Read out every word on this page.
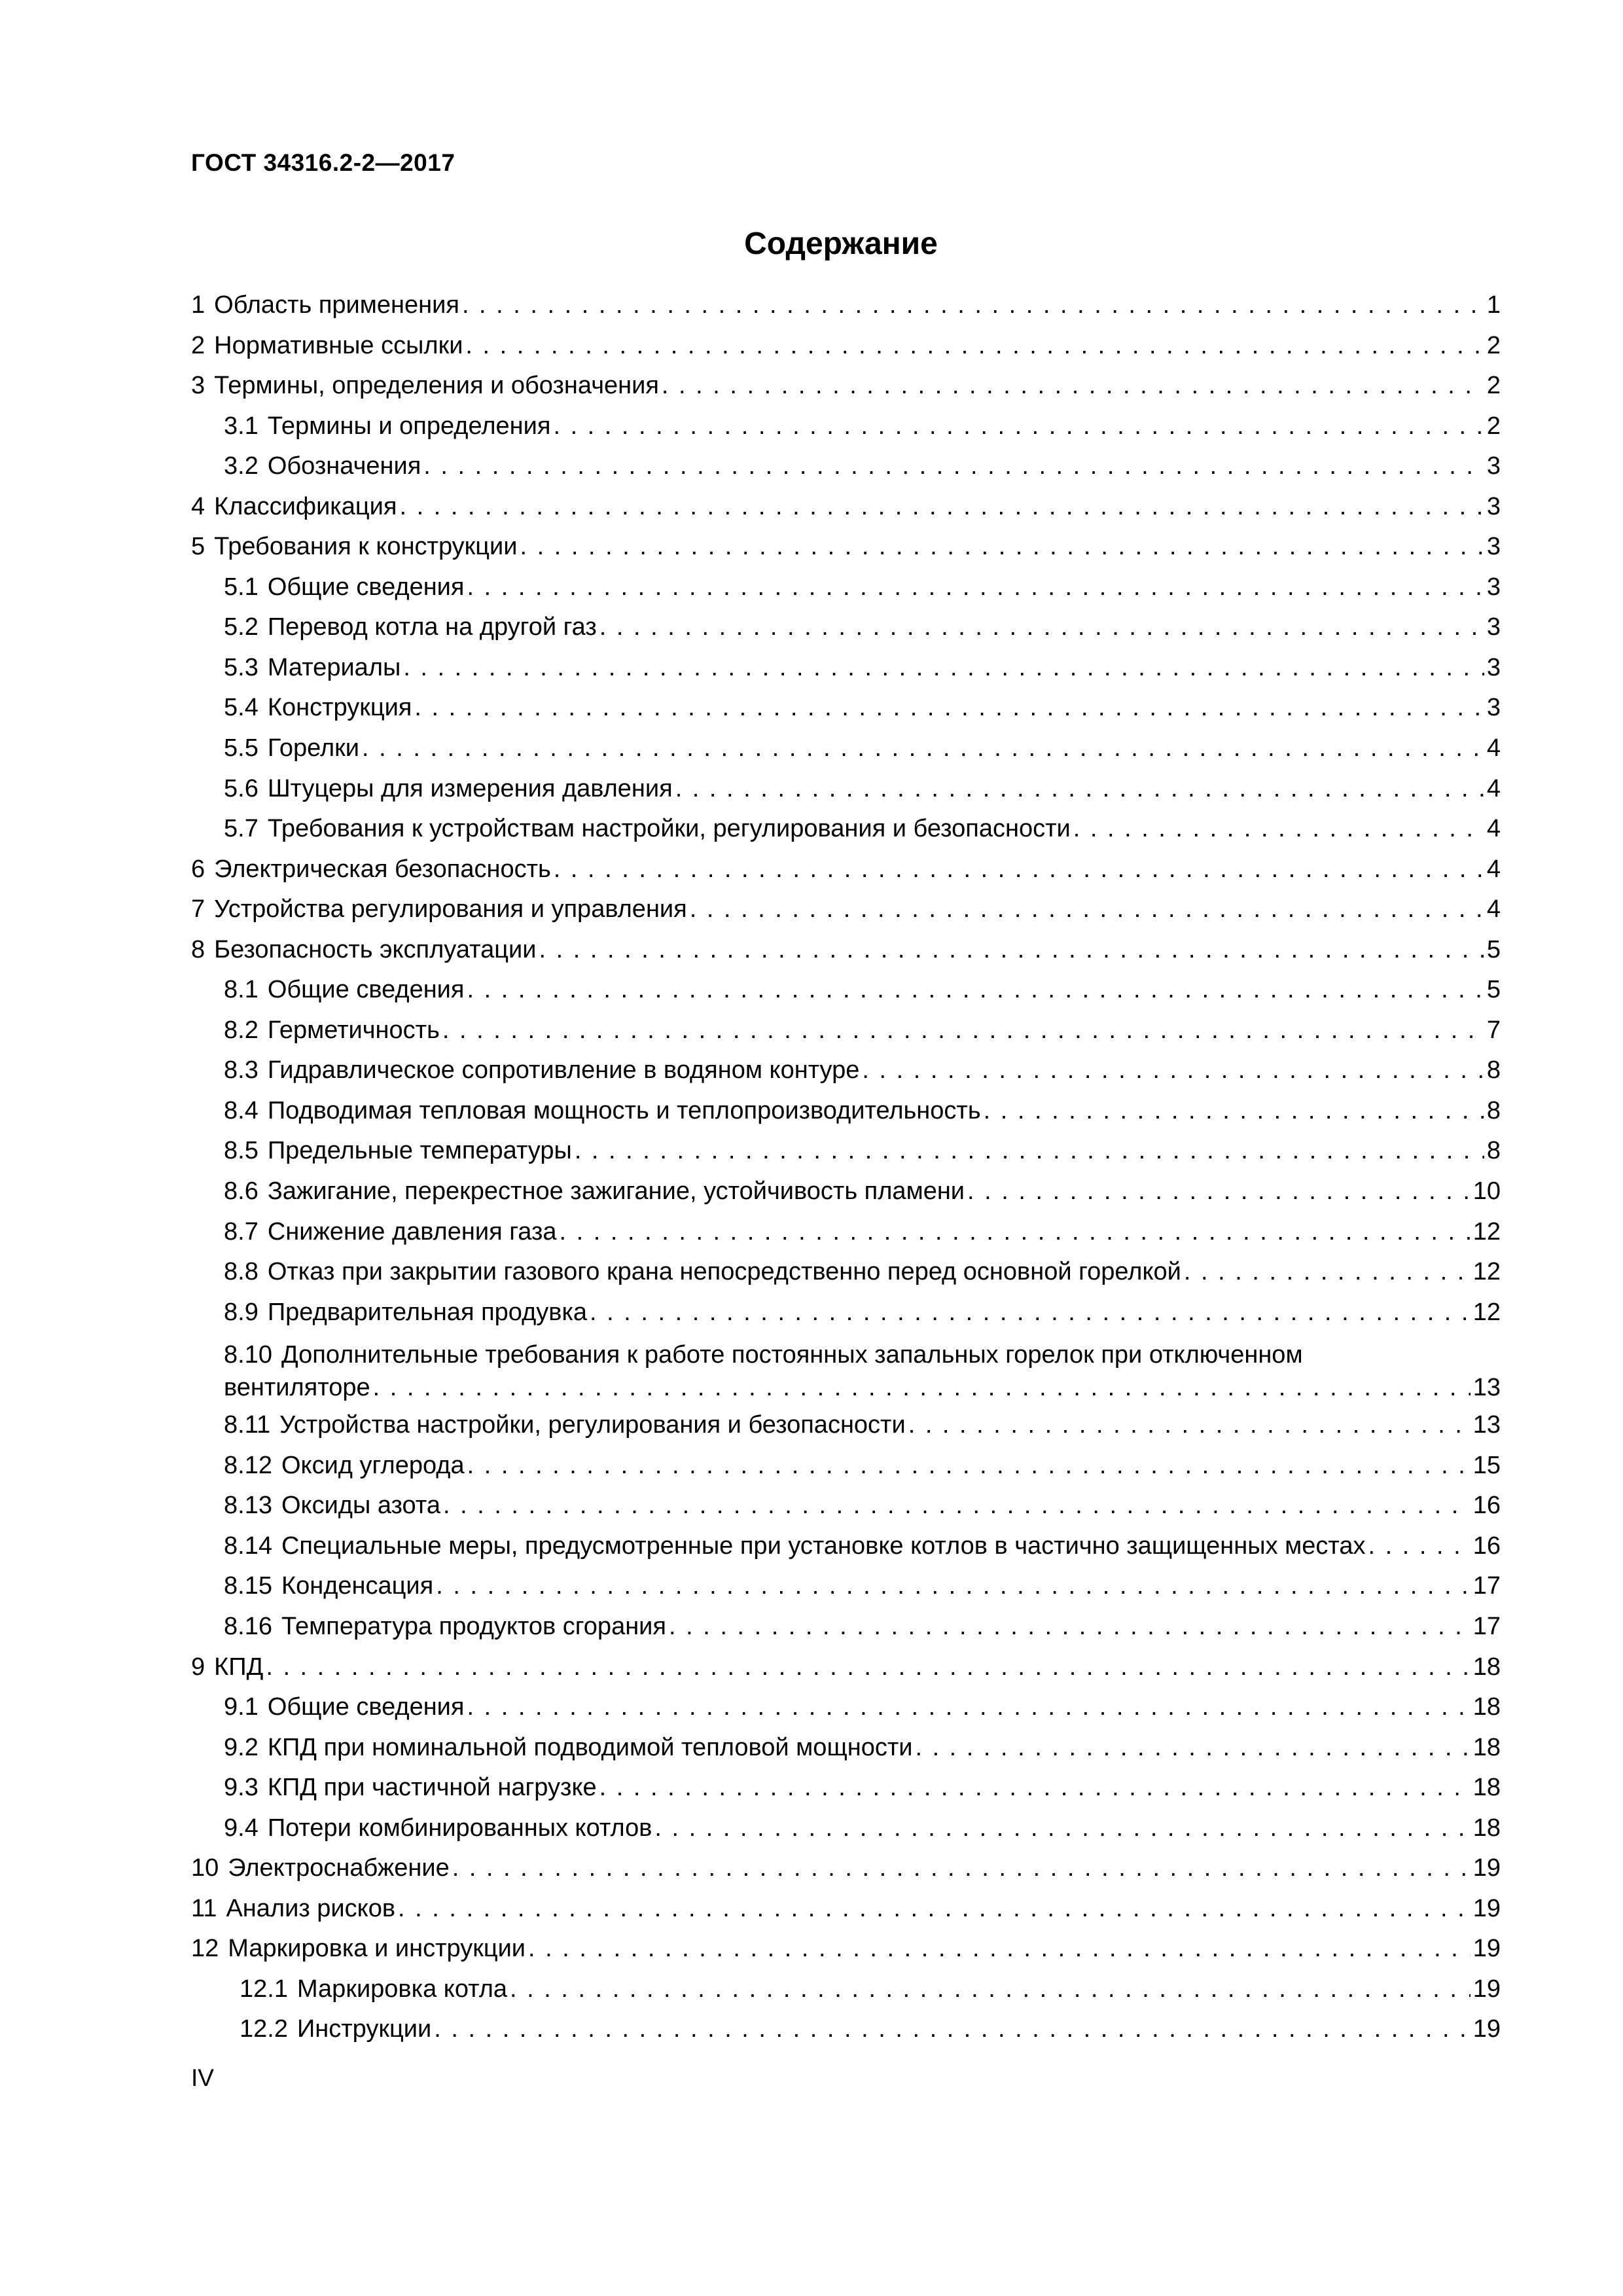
ГОСТ 34316.2-2—2017
Содержание
1 Область применения . . .	1
2 Нормативные ссылки . . .	2
3 Термины, определения и обозначения . . .	2
3.1 Термины и определения . . .	2
3.2 Обозначения . . .	3
4 Классификация . . .	3
5 Требования к конструкции . . .	3
5.1 Общие сведения . . .	3
5.2 Перевод котла на другой газ . . .	3
5.3 Материалы . . .	3
5.4 Конструкция . . .	3
5.5 Горелки . . .	4
5.6 Штуцеры для измерения давления . . .	4
5.7 Требования к устройствам настройки, регулирования и безопасности . . .	4
6 Электрическая безопасность . . .	4
7 Устройства регулирования и управления . . .	4
8 Безопасность эксплуатации . . .	5
8.1 Общие сведения . . .	5
8.2 Герметичность . . .	7
8.3 Гидравлическое сопротивление в водяном контуре . . .	8
8.4 Подводимая тепловая мощность и теплопроизводительность . . .	8
8.5 Предельные температуры . . .	8
8.6 Зажигание, перекрестное зажигание, устойчивость пламени . . .	10
8.7 Снижение давления газа . . .	12
8.8 Отказ при закрытии газового крана непосредственно перед основной горелкой . . .	12
8.9 Предварительная продувка . . .	12
8.10 Дополнительные требования к работе постоянных запальных горелок при отключенном
вентиляторе . . .	13
8.11 Устройства настройки, регулирования и безопасности . . .	13
8.12 Оксид углерода . . .	15
8.13 Оксиды азота . . .	16
8.14 Специальные меры, предусмотренные при установке котлов в частично защищенных местах . . .	16
8.15 Конденсация . . .	17
8.16 Температура продуктов сгорания . . .	17
9 КПД . . .	18
9.1 Общие сведения . . .	18
9.2 КПД при номинальной подводимой тепловой мощности . . .	18
9.3 КПД при частичной нагрузке . . .	18
9.4 Потери комбинированных котлов . . .	18
10 Электроснабжение . . .	19
11 Анализ рисков . . .	19
12 Маркировка и инструкции . . .	19
12.1 Маркировка котла . . .	19
12.2 Инструкции . . .	19
IV
